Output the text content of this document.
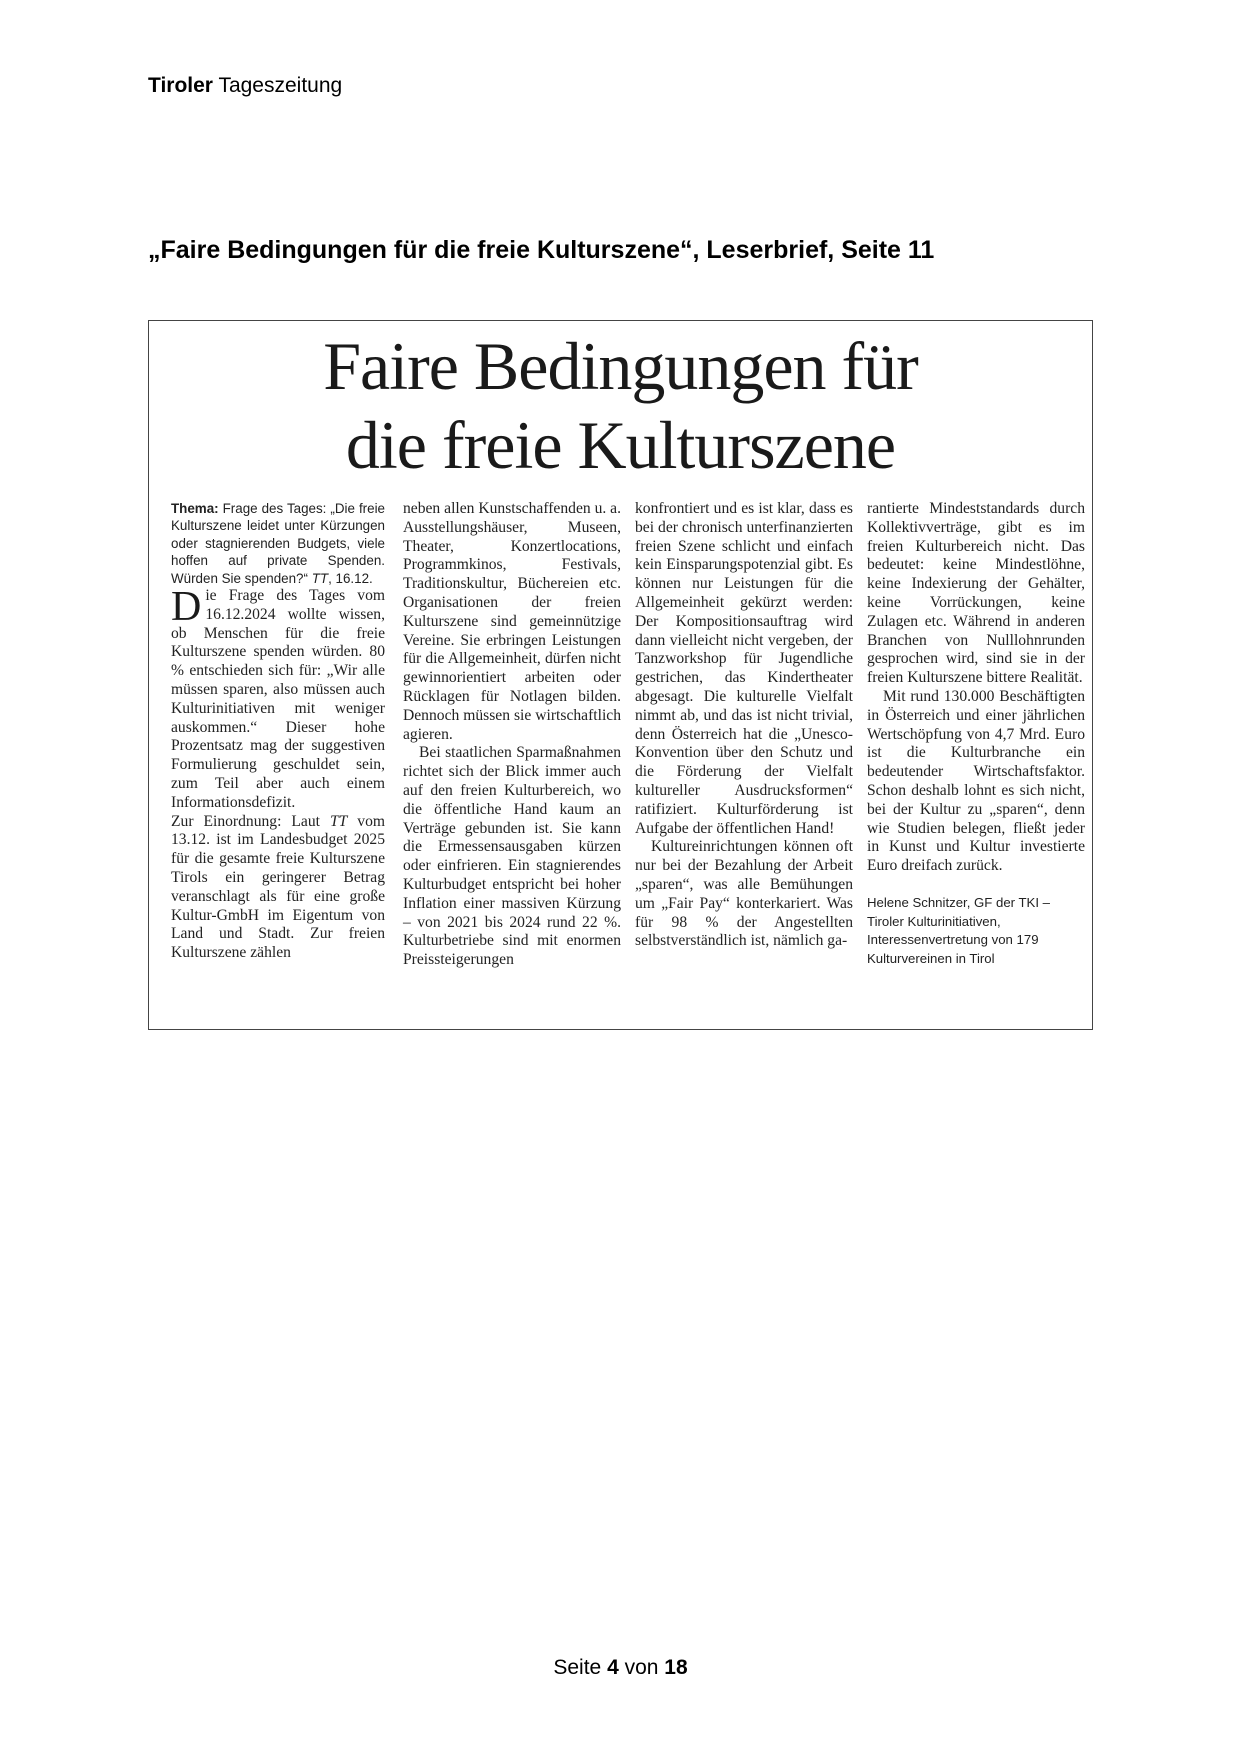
Tiroler Tageszeitung
„Faire Bedingungen für die freie Kulturszene“, Leserbrief, Seite 11
Faire Bedingungen für
die freie Kulturszene

Thema: Frage des Tages: „Die freie Kulturszene leidet unter Kürzungen oder stagnierenden Budgets, viele hoffen auf private Spenden. Würden Sie spenden?“ TT, 16.12.

Die Frage des Tages vom 16.12.2024 wollte wissen, ob Menschen für die freie Kulturszene spenden würden. 80 % entschieden sich für: „Wir alle müssen sparen, also müssen auch Kulturinitiativen mit weniger auskommen.“ Dieser hohe Prozentsatz mag der suggestiven Formulierung geschuldet sein, zum Teil aber auch einem Informationsdefizit.

Zur Einordnung: Laut TT vom 13.12. ist im Landesbudget 2025 für die gesamte freie Kulturszene Tirols ein geringerer Betrag veranschlagt als für eine große Kultur-GmbH im Eigentum von Land und Stadt. Zur freien Kulturszene zählen

neben allen Kunstschaffenden u. a. Ausstellungshäuser, Museen, Theater, Konzertlocations, Programmkinos, Festivals, Traditionskultur, Büchereien etc. Organisationen der freien Kulturszene sind gemeinnützige Vereine. Sie erbringen Leistungen für die Allgemeinheit, dürfen nicht gewinnorientiert arbeiten oder Rücklagen für Notlagen bilden. Dennoch müssen sie wirtschaftlich agieren.

Bei staatlichen Sparmaßnahmen richtet sich der Blick immer auch auf den freien Kulturbereich, wo die öffentliche Hand kaum an Verträge gebunden ist. Sie kann die Ermessensausgaben kürzen oder einfrieren. Ein stagnierendes Kulturbudget entspricht bei hoher Inflation einer massiven Kürzung – von 2021 bis 2024 rund 22 %. Kulturbetriebe sind mit enormen Preissteigerungen

konfrontiert und es ist klar, dass es bei der chronisch unterfinanzierten freien Szene schlicht und einfach kein Einsparungspotenzial gibt. Es können nur Leistungen für die Allgemeinheit gekürzt werden: Der Kompositionsauftrag wird dann vielleicht nicht vergeben, der Tanzworkshop für Jugendliche gestrichen, das Kindertheater abgesagt. Die kulturelle Vielfalt nimmt ab, und das ist nicht trivial, denn Österreich hat die „Unesco-Konvention über den Schutz und die Förderung der Vielfalt kultureller Ausdrucksformen“ ratifiziert. Kulturförderung ist Aufgabe der öffentlichen Hand!

Kultureinrichtungen können oft nur bei der Bezahlung der Arbeit „sparen“, was alle Bemühungen um „Fair Pay“ konterkariert. Was für 98 % der Angestellten selbstverständlich ist, nämlich ga-

rantierte Mindeststandards durch Kollektivverträge, gibt es im freien Kulturbereich nicht. Das bedeutet: keine Mindestlöhne, keine Indexierung der Gehälter, keine Vorrückungen, keine Zulagen etc. Während in anderen Branchen von Nulllohnrunden gesprochen wird, sind sie in der freien Kulturszene bittere Realität.

Mit rund 130.000 Beschäftigten in Österreich und einer jährlichen Wertschöpfung von 4,7 Mrd. Euro ist die Kulturbranche ein bedeutender Wirtschaftsfaktor. Schon deshalb lohnt es sich nicht, bei der Kultur zu „sparen“, denn wie Studien belegen, fließt jeder in Kunst und Kultur investierte Euro dreifach zurück.

Helene Schnitzer, GF der TKI – Tiroler Kulturinitiativen, Interessenvertretung von 179 Kulturvereinen in Tirol
Seite 4 von 18
